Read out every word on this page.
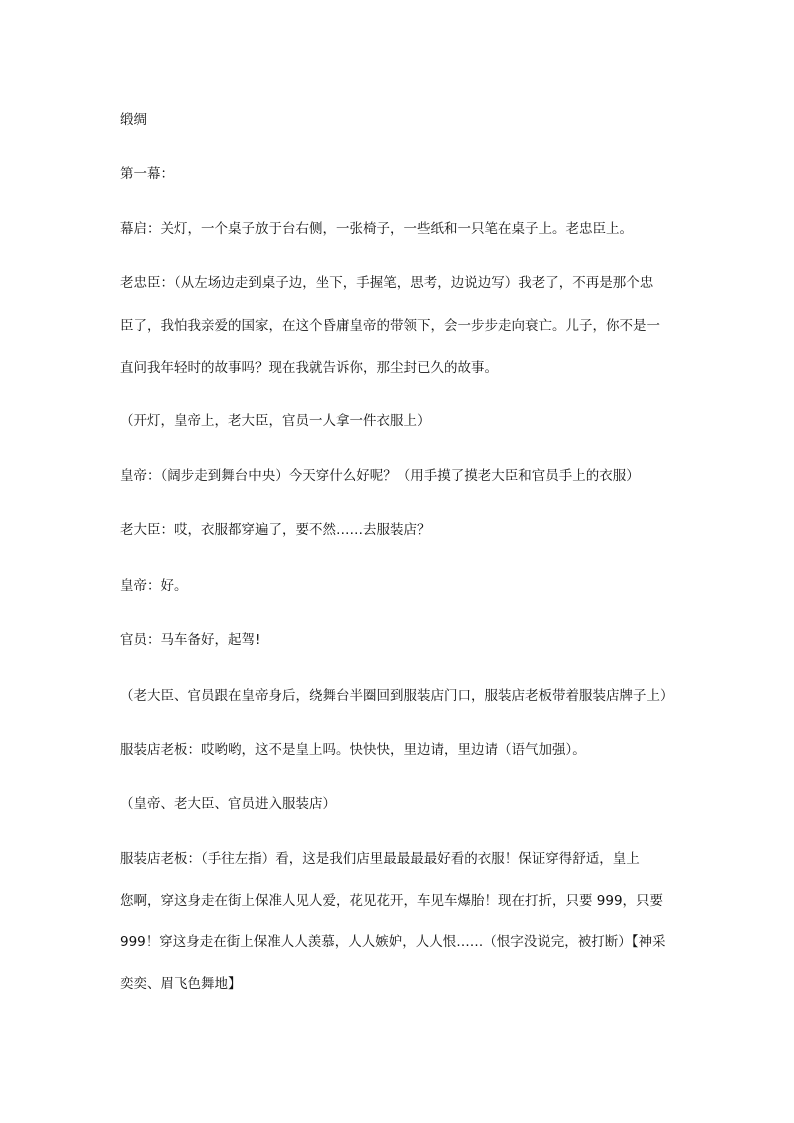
缎绸
第一幕：
幕启：关灯，一个桌子放于台右侧，一张椅子，一些纸和一只笔在桌子上。老忠臣上。
老忠臣：（从左场边走到桌子边，坐下，手握笔，思考，边说边写）我老了，不再是那个忠
臣了，我怕我亲爱的国家，在这个昏庸皇帝的带领下，会一步步走向衰亡。儿子，你不是一
直问我年轻时的故事吗？现在我就告诉你，那尘封已久的故事。
（开灯，皇帝上，老大臣，官员一人拿一件衣服上）
皇帝：（阔步走到舞台中央）今天穿什么好呢？（用手摸了摸老大臣和官员手上的衣服）
老大臣：哎，衣服都穿遍了，要不然……去服装店？
皇帝：好。
官员：马车备好，起驾!
（老大臣、官员跟在皇帝身后，绕舞台半圈回到服装店门口，服装店老板带着服装店牌子上）
服装店老板：哎哟哟，这不是皇上吗。快快快，里边请，里边请（语气加强）。
（皇帝、老大臣、官员进入服装店）
服装店老板：（手往左指）看，这是我们店里最最最最好看的衣服！保证穿得舒适，皇上
您啊，穿这身走在街上保准人见人爱，花见花开，车见车爆胎！现在打折，只要 999，只要
999！穿这身走在街上保准人人羡慕，人人嫉妒，人人恨……（恨字没说完，被打断）【神采
奕奕、眉飞色舞地】
